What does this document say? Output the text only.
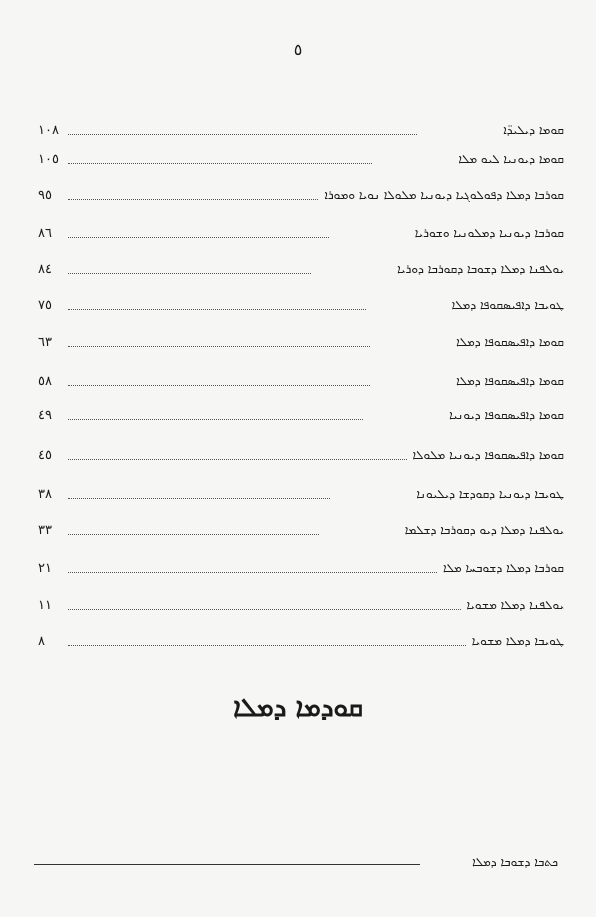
٥
١٠٨	ܩܘܡܐ ܕܝܠܝܕ̈ܐ
١٠٥	ܩܘܡܐ ܕܝܘܢܝܐ ܠܝܘ ܡܠܐ
٩٥	ܩܘܪܒܐ ܕܡܠܐ ܕܦܘܠܘܓܝܐ ܕܝܘܢܝܐ ܡܠܘܠܐ ܢܘܝܐ ܘܡܘܪܐ
٨٦	ܩܘܪܒܐ ܕܝܘܢܝܐ ܕܡܠܘܢܝܐ ܘܫܘܪܝܐ
٨٤	ܝܘܠܦܢܐ ܕܡܠܐ ܕܫܘܒܐ ܕܩܘܪܒܐ ܕܘܪܝܐ
٧٥	ܛܘܝܒܐ ܕܐܦܝܣܩܘܦܐ ܕܡܠܐ
٦٣	ܩܘܡܐ ܕܐܦܝܣܩܘܦܐ ܕܡܠܐ
٥٨	ܩܘܡܐ ܕܐܦܝܣܩܘܦܐ ܕܡܠܐ
٤٩	ܩܘܡܐ ܕܐܦܝܣܩܘܦܐ ܕܝܘܢܝܐ
٤٥	ܩܘܡܐ ܕܐܦܝܣܩܘܦܐ ܕܝܘܢܝܐ ܡܠܘܠܐ
٣٨	ܛܘܝܒܐ ܕܝܘܢܝܐ ܕܩܘܕܫܐ ܕܝܠܝܘܢܐ
٣٣	ܝܘܠܦܢܐ ܕܡܠܐ ܕܝܘ ܕܩܘܪܒܐ ܕܫܠܡܐ
٢١	ܩܘܪܒܐ ܕܡܠܐ ܕܫܘܒܚܐ ܡܠܐ
١١	ܝܘܠܦܢܐ ܕܡܠܐ ܡܫܘܝܐ
٨	ܛܘܝܒܐ ܕܡܠܐ ܡܫܘܝܐ
ܩܘܕܡܐ ܕܡܠܐ
ܟܬܒܐ ܕܫܘܒܐ ܕܡܠܐ
